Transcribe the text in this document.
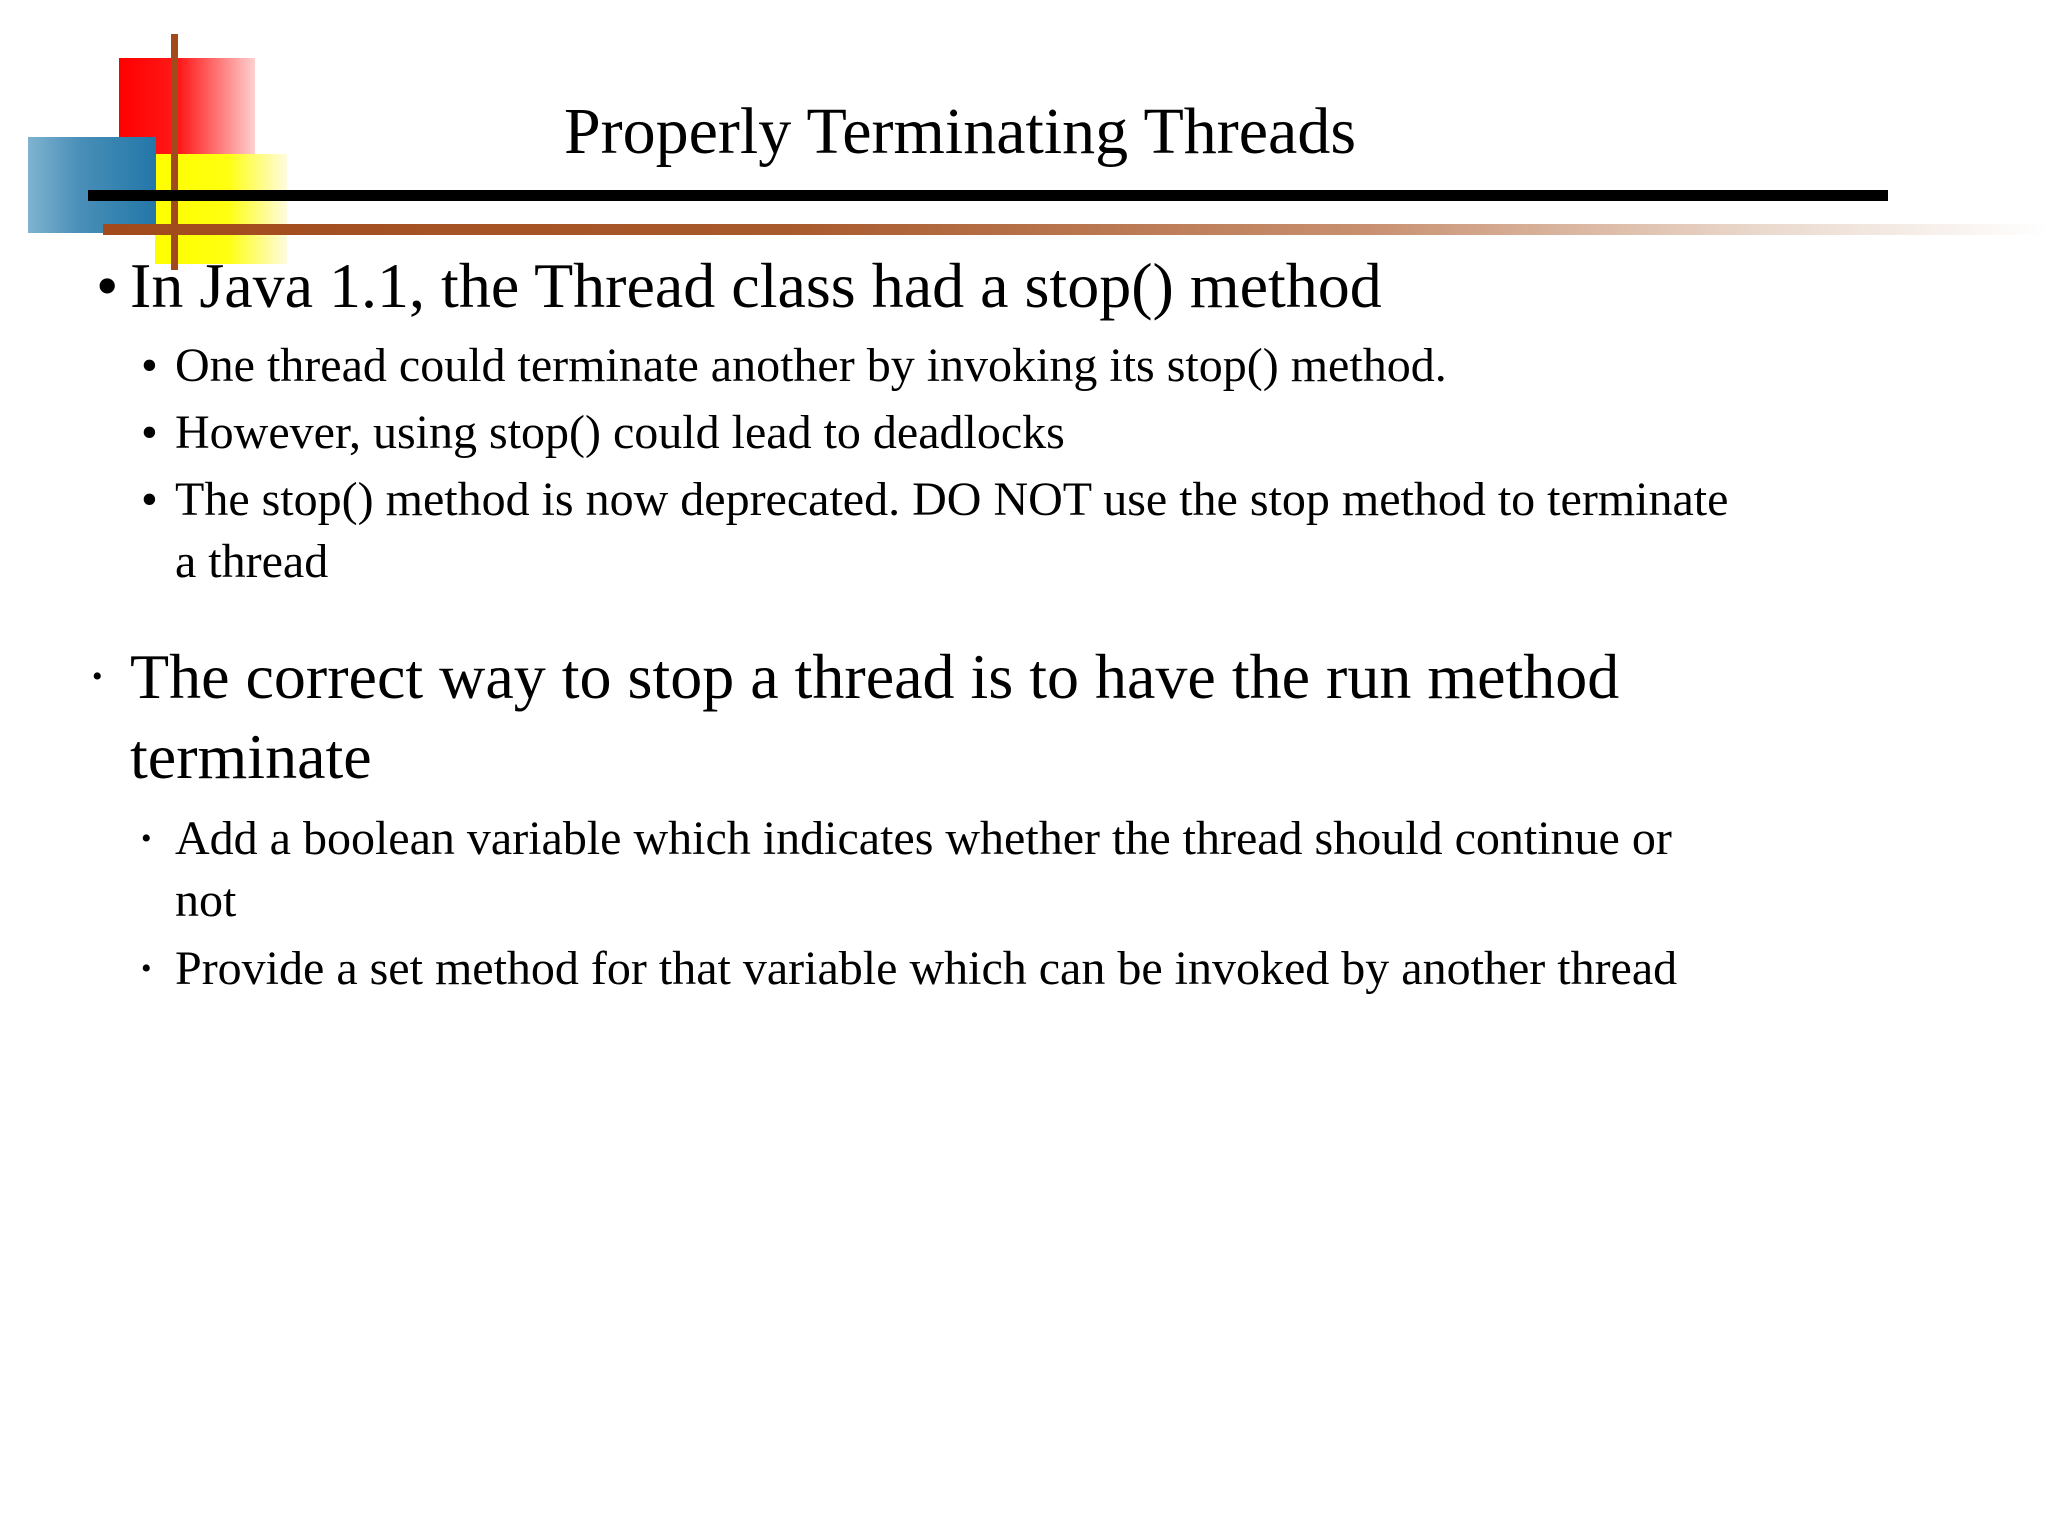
Properly Terminating Threads
• In Java 1.1, the Thread class had a stop() method
• One thread could terminate another by invoking its stop() method.
• However, using stop() could lead to deadlocks
• The stop() method is now deprecated. DO NOT use the stop method to terminate
a thread
• The correct way to stop a thread is to have the run method
terminate
• Add a boolean variable which indicates whether the thread should continue or
not
• Provide a set method for that variable which can be invoked by another thread
